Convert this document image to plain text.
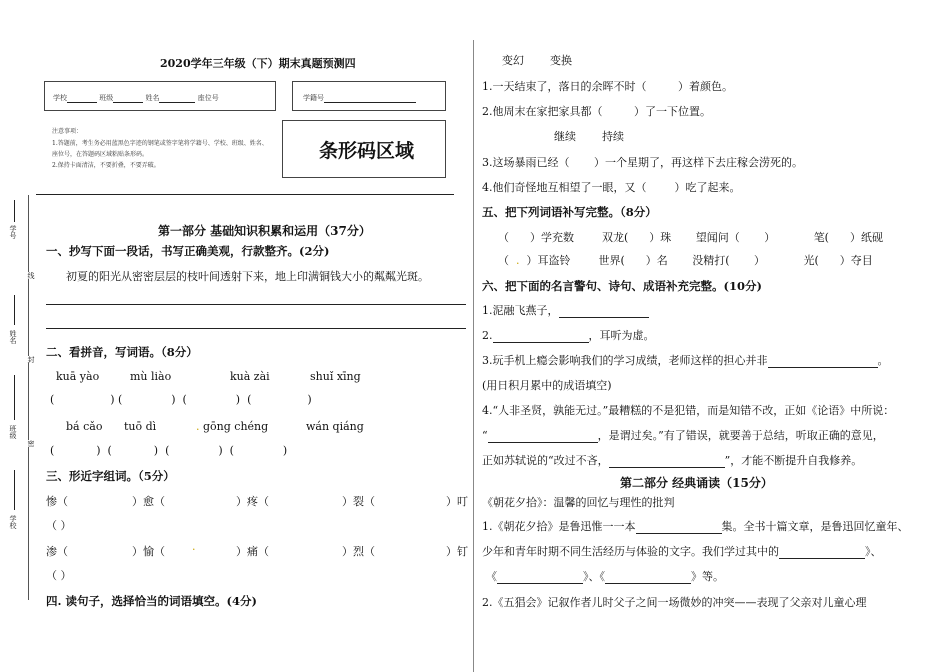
学号
姓名
班级
学校
线
封
密
2020学年三年级（下）期末真题预测四
学校	班级	姓名	座位号	学籍号
注意事项：
1.答题前，考生务必用蓝黑色字迹的钢笔或签字笔将学籍号、学校、班级、姓名、
座位号，在答题码区域粘贴条形码。
2.保持卡面清洁，不要折叠，不要弄破。
条形码区域
第一部分 基础知识积累和运用（37分）
一、抄写下面一段话，书写正确美观，行款整齐。(2分)
初夏的阳光从密密层层的枝叶间透射下来，地上印满铜钱大小的粼粼光斑。
二、看拼音，写词语。（8分）
kuā yào	mù liào	kuà zài	shuǐ xīng
(                ) (              )  (              )  (                )
bá cǎo tuō dì	. gōng chéng	wán qiáng
(            )  (            )  (              )  (              )
三、形近字组词。（5分）
惨（	）愈（	）疼（	）裂（	）叮
（ ）
渗（	）愉（ .	）痛（	）烈（	）钉
（ ）
四. 读句子，选择恰当的词语填空。(4分)
变幻 变换
1.一天结束了，落日的余晖不时（	）着颜色。
2.他周末在家把家具都（	）了一下位置。
继续 持续
3.这场暴雨已经（ ）一个星期了，再这样下去庄稼会涝死的。
4.他们奇怪地互相望了一眼，又（	）吃了起来。
五、把下列词语补写完整。（8分）
（ ）学充数	双龙( ）珠 望闻问（ ）	笔( ）纸砚
（ . ）耳盗铃	世界( ）名 没精打( ）	光( ）夺目
六、把下面的名言警句、诗句、成语补充完整。(10分)
1.泥融飞燕子，
2.	，耳听为虚。
3.玩手机上瘾会影响我们的学习成绩，老师这样的担心并非	。
(用日积月累中的成语填空)
4.“人非圣贤，孰能无过。”最糟糕的不是犯错，而是知错不改，正如《论语》中所说：
“	，是谓过矣。”有了错误，就要善于总结，听取正确的意见，
正如苏轼说的“改过不吝，	”，才能不断提升自我修养。
第二部分 经典诵读（15分）
《朝花夕拾》：温馨的回忆与理性的批判
1.《朝花夕拾》是鲁迅惟一一本	集。全书十篇文章，是鲁迅回忆童年、
少年和青年时期不同生活经历与体验的文字。我们学过其中的	》、
《	》、《	》等。
2.《五猖会》记叙作者儿时父子之间一场微妙的冲突——表现了父亲对儿童心理
